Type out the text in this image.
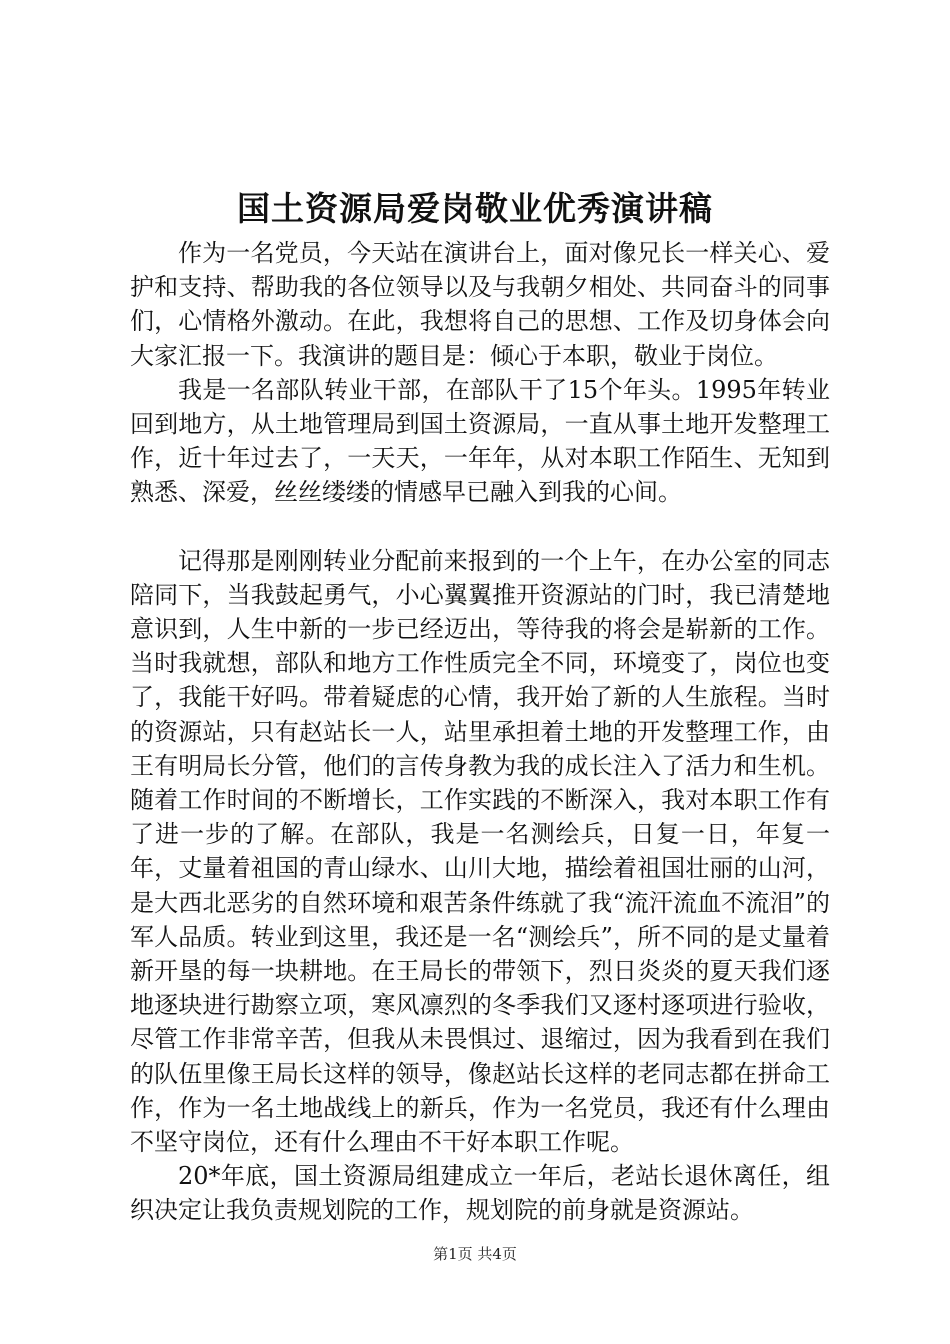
国土资源局爱岗敬业优秀演讲稿

作为一名党员，今天站在演讲台上，面对像兄长一样关心、爱护和支持、帮助我的各位领导以及与我朝夕相处、共同奋斗的同事们，心情格外激动。在此，我想将自己的思想、工作及切身体会向大家汇报一下。我演讲的题目是：倾心于本职，敬业于岗位。

我是一名部队转业干部，在部队干了15个年头。1995年转业回到地方，从土地管理局到国土资源局，一直从事土地开发整理工作，近十年过去了，一天天，一年年，从对本职工作陌生、无知到熟悉、深爱，丝丝缕缕的情感早已融入到我的心间。

记得那是刚刚转业分配前来报到的一个上午，在办公室的同志陪同下，当我鼓起勇气，小心翼翼推开资源站的门时，我已清楚地意识到，人生中新的一步已经迈出，等待我的将会是崭新的工作。当时我就想，部队和地方工作性质完全不同，环境变了，岗位也变了，我能干好吗。带着疑虑的心情，我开始了新的人生旅程。当时的资源站，只有赵站长一人，站里承担着土地的开发整理工作，由王有明局长分管，他们的言传身教为我的成长注入了活力和生机。随着工作时间的不断增长，工作实践的不断深入，我对本职工作有了进一步的了解。在部队，我是一名测绘兵，日复一日，年复一年，丈量着祖国的青山绿水、山川大地，描绘着祖国壮丽的山河，是大西北恶劣的自然环境和艰苦条件练就了我“流汗流血不流泪”的军人品质。转业到这里，我还是一名“测绘兵”，所不同的是丈量着新开垦的每一块耕地。在王局长的带领下，烈日炎炎的夏天我们逐地逐块进行勘察立项，寒风凛烈的冬季我们又逐村逐项进行验收，尽管工作非常辛苦，但我从未畏惧过、退缩过，因为我看到在我们的队伍里像王局长这样的领导，像赵站长这样的老同志都在拼命工作，作为一名土地战线上的新兵，作为一名党员，我还有什么理由不坚守岗位，还有什么理由不干好本职工作呢。

20*年底，国土资源局组建成立一年后，老站长退休离任，组织决定让我负责规划院的工作，规划院的前身就是资源站。

第1页 共4页
